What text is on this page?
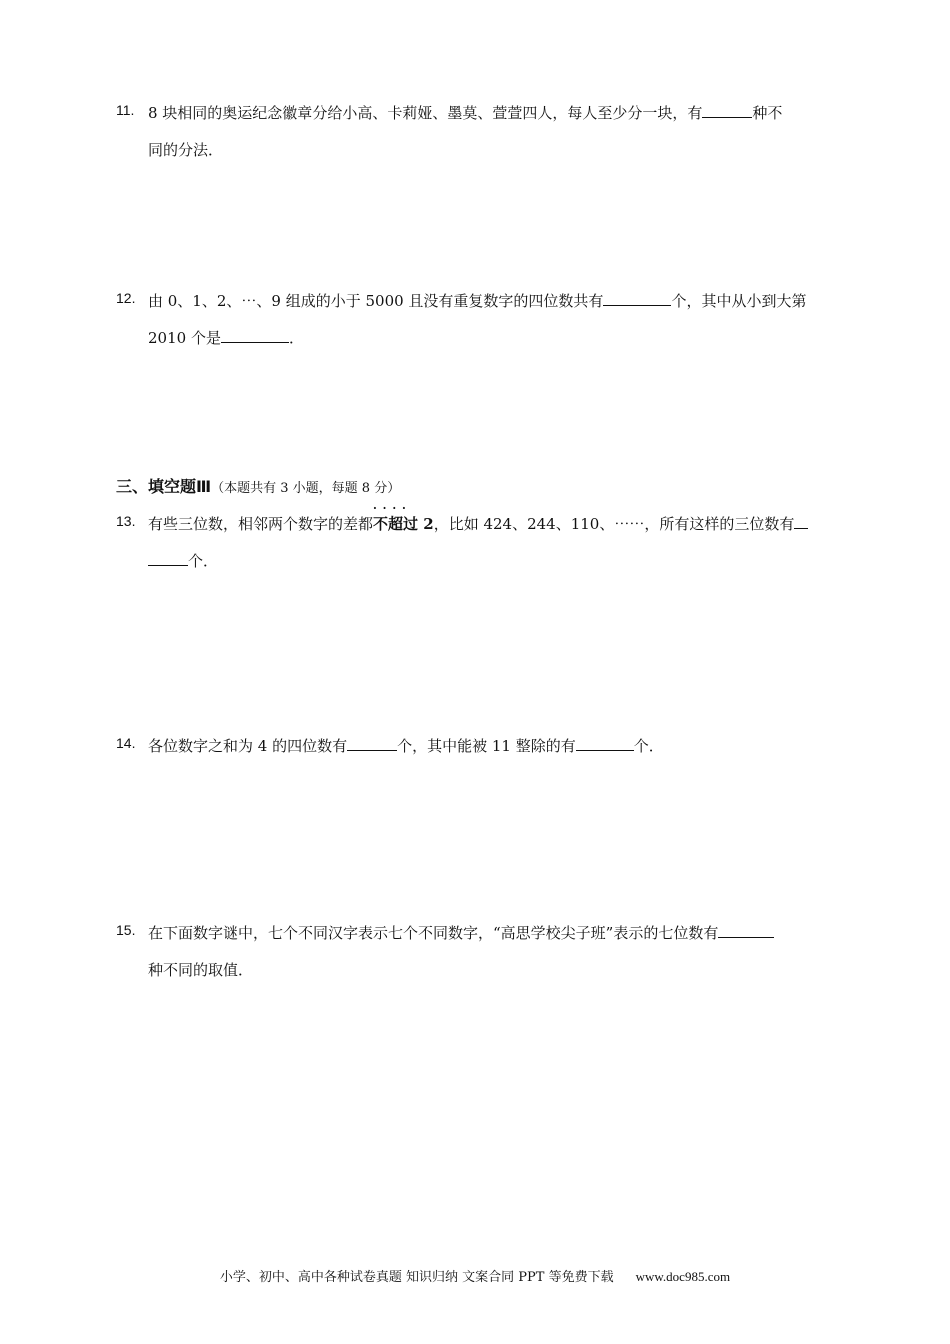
11. 8 块相同的奥运纪念徽章分给小高、卡莉娅、墨莫、萱萱四人，每人至少分一块，有	种不
同的分法．
12. 由 0、1、2、⋯、9 组成的小于 5000 且没有重复数字的四位数共有	个，其中从小到大第
2010 个是	．
三、填空题Ⅲ（本题共有 3 小题，每题 8 分）
13. 有些三位数，相邻两个数字的差都· · · · 不超过 2，比如 424、244、110、⋯⋯，所有这样的三位数有
个．
14. 各位数字之和为 4 的四位数有	个，其中能被 11 整除的有	个．
15. 在下面数字谜中，七个不同汉字表示七个不同数字，“高思学校尖子班”表示的七位数有
种不同的取值．
小学、初中、高中各种试卷真题 知识归纳 文案合同 PPT 等免费下载 www.doc985.com
